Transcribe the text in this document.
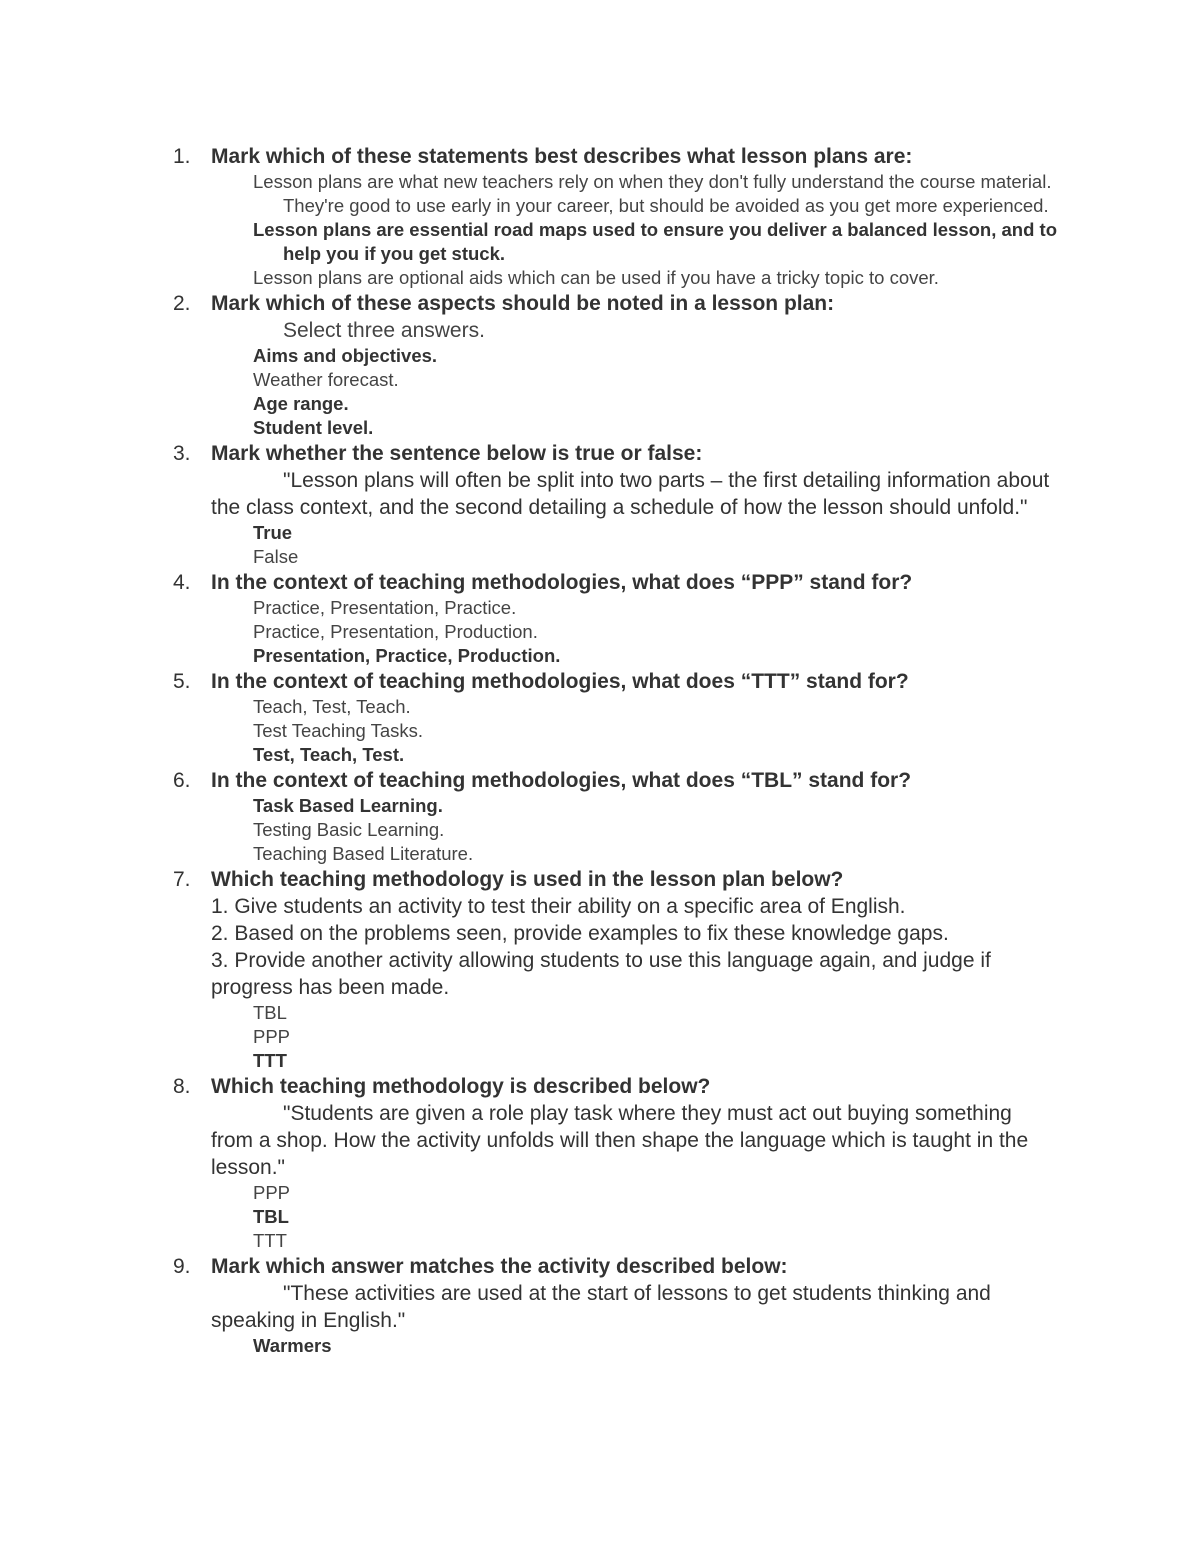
1. Mark which of these statements best describes what lesson plans are:
Lesson plans are what new teachers rely on when they don't fully understand the course material. They're good to use early in your career, but should be avoided as you get more experienced.
Lesson plans are essential road maps used to ensure you deliver a balanced lesson, and to help you if you get stuck.
Lesson plans are optional aids which can be used if you have a tricky topic to cover.
2. Mark which of these aspects should be noted in a lesson plan:
Select three answers.
Aims and objectives.
Weather forecast.
Age range.
Student level.
3. Mark whether the sentence below is true or false:
"Lesson plans will often be split into two parts – the first detailing information about the class context, and the second detailing a schedule of how the lesson should unfold."
True
False
4. In the context of teaching methodologies, what does “PPP” stand for?
Practice, Presentation, Practice.
Practice, Presentation, Production.
Presentation, Practice, Production.
5. In the context of teaching methodologies, what does “TTT” stand for?
Teach, Test, Teach.
Test Teaching Tasks.
Test, Teach, Test.
6. In the context of teaching methodologies, what does “TBL” stand for?
Task Based Learning.
Testing Basic Learning.
Teaching Based Literature.
7. Which teaching methodology is used in the lesson plan below?
1. Give students an activity to test their ability on a specific area of English.
2. Based on the problems seen, provide examples to fix these knowledge gaps.
3. Provide another activity allowing students to use this language again, and judge if progress has been made.
TBL
PPP
TTT
8. Which teaching methodology is described below?
"Students are given a role play task where they must act out buying something from a shop. How the activity unfolds will then shape the language which is taught in the lesson."
PPP
TBL
TTT
9. Mark which answer matches the activity described below:
"These activities are used at the start of lessons to get students thinking and speaking in English."
Warmers
